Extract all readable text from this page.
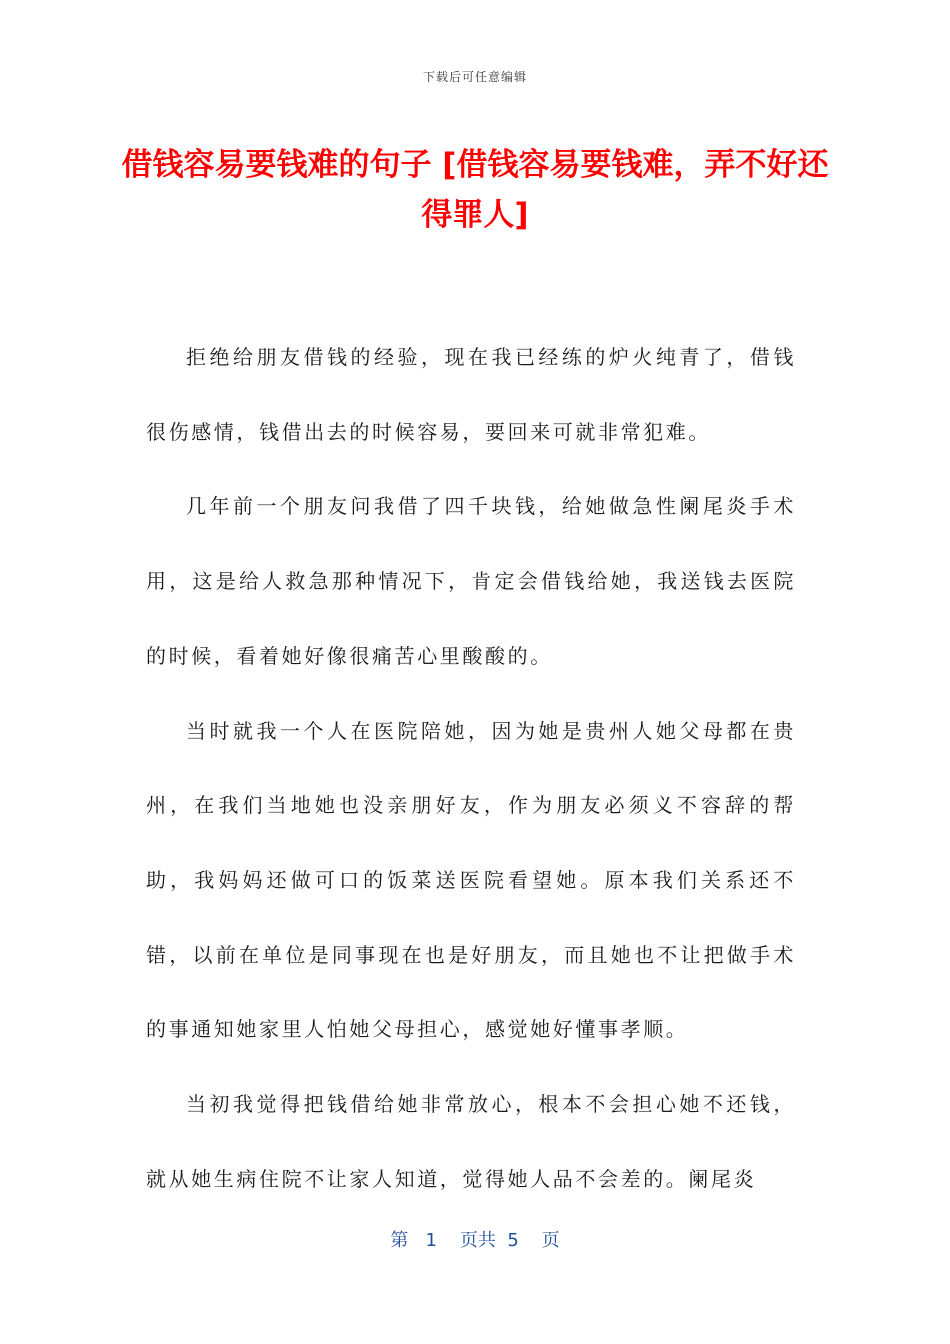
下载后可任意编辑
借钱容易要钱难的句子 [借钱容易要钱难，弄不好还得罪人]

拒绝给朋友借钱的经验，现在我已经练的炉火纯青了，借钱很伤感情，钱借出去的时候容易，要回来可就非常犯难。

几年前一个朋友问我借了四千块钱，给她做急性阑尾炎手术用，这是给人救急那种情况下，肯定会借钱给她，我送钱去医院的时候，看着她好像很痛苦心里酸酸的。

当时就我一个人在医院陪她，因为她是贵州人她父母都在贵州，在我们当地她也没亲朋好友，作为朋友必须义不容辞的帮助，我妈妈还做可口的饭菜送医院看望她。原本我们关系还不错，以前在单位是同事现在也是好朋友，而且她也不让把做手术的事通知她家里人怕她父母担心，感觉她好懂事孝顺。

当初我觉得把钱借给她非常放心，根本不会担心她不还钱，就从她生病住院不让家人知道，觉得她人品不会差的。阑尾炎

第 1 页共 5 页
